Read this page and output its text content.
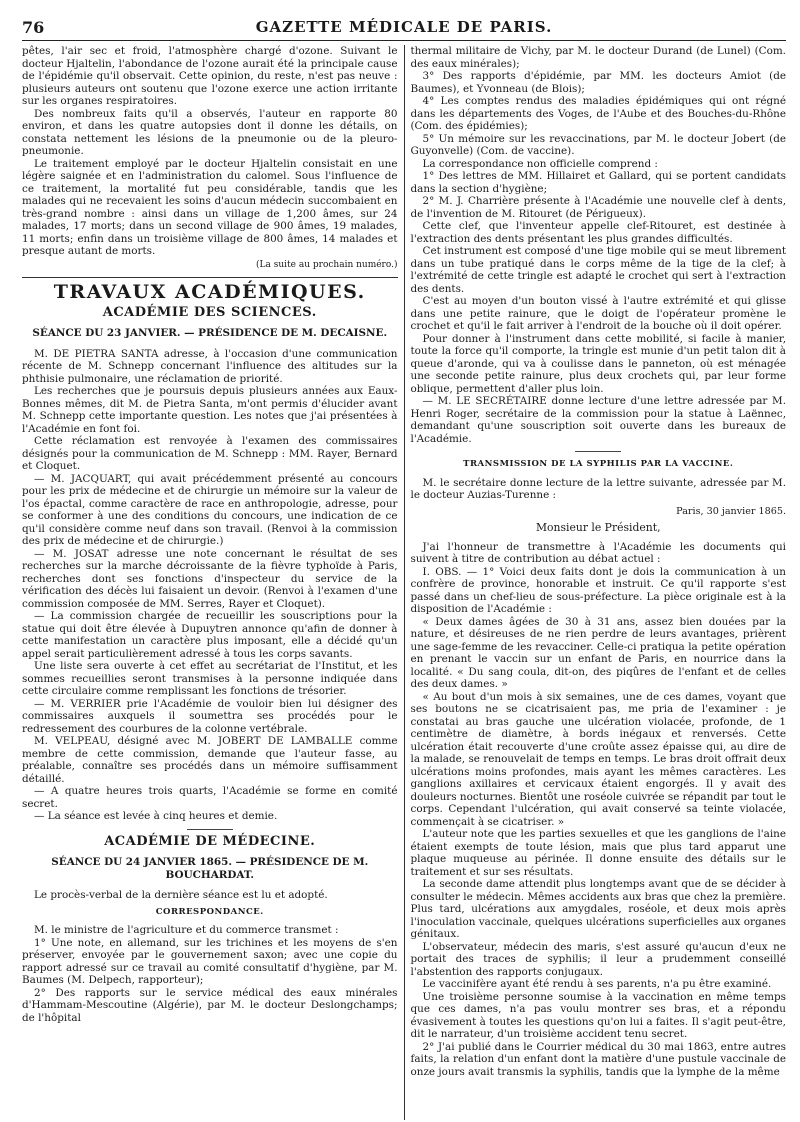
76	GAZETTE MÉDICALE DE PARIS.

pêtes, l'air sec et froid, l'atmosphère chargé d'ozone. Suivant le docteur Hjaltelin, l'abondance de l'ozone aurait été la principale cause de l'épidémie qu'il observait. Cette opinion, du reste, n'est pas neuve : plusieurs auteurs ont soutenu que l'ozone exerce une action irritante sur les organes respiratoires.

Des nombreux faits qu'il a observés, l'auteur en rapporte 80 environ, et dans les quatre autopsies dont il donne les détails, on constata nettement les lésions de la pneumonie ou de la pleuro-pneumonie.

Le traitement employé par le docteur Hjaltelin consistait en une légère saignée et en l'administration du calomel. Sous l'influence de ce traitement, la mortalité fut peu considérable, tandis que les malades qui ne recevaient les soins d'aucun médecin succombaient en très-grand nombre : ainsi dans un village de 1,200 âmes, sur 24 malades, 17 morts; dans un second village de 900 âmes, 19 malades, 11 morts; enfin dans un troisième village de 800 âmes, 14 malades et presque autant de morts.

(La suite au prochain numéro.)
TRAVAUX ACADÉMIQUES.
ACADÉMIE DES SCIENCES.
SÉANCE DU 23 JANVIER. — PRÉSIDENCE DE M. DECAISNE.

M. DE PIETRA SANTA adresse, à l'occasion d'une communication récente de M. Schnepp concernant l'influence des altitudes sur la phthisie pulmonaire, une réclamation de priorité.

Les recherches que je poursuis depuis plusieurs années aux Eaux-Bonnes mêmes, dit M. de Pietra Santa, m'ont permis d'élucider avant M. Schnepp cette importante question. Les notes que j'ai présentées à l'Académie en font foi.

Cette réclamation est renvoyée à l'examen des commissaires désignés pour la communication de M. Schnepp : MM. Rayer, Bernard et Cloquet.

— M. JACQUART, qui avait précédemment présenté au concours pour les prix de médecine et de chirurgie un mémoire sur la valeur de l'os épactal, comme caractère de race en anthropologie, adresse, pour se conformer à une des conditions du concours, une indication de ce qu'il considère comme neuf dans son travail. (Renvoi à la commission des prix de médecine et de chirurgie.)

— M. JOSAT adresse une note concernant le résultat de ses recherches sur la marche décroissante de la fièvre typhoïde à Paris, recherches dont ses fonctions d'inspecteur du service de la vérification des décès lui faisaient un devoir. (Renvoi à l'examen d'une commission composée de MM. Serres, Rayer et Cloquet).

— La commission chargée de recueillir les souscriptions pour la statue qui doit être élevée à Dupuytren annonce qu'afin de donner à cette manifestation un caractère plus imposant, elle a décidé qu'un appel serait particulièrement adressé à tous les corps savants.

Une liste sera ouverte à cet effet au secrétariat de l'Institut, et les sommes recueillies seront transmises à la personne indiquée dans cette circulaire comme remplissant les fonctions de trésorier.

— M. VERRIER prie l'Académie de vouloir bien lui désigner des commissaires auxquels il soumettra ses procédés pour le redressement des courbures de la colonne vertébrale.

M. VELPEAU, désigné avec M. JOBERT DE LAMBALLE comme membre de cette commission, demande que l'auteur fasse, au préalable, connaître ses procédés dans un mémoire suffisamment détaillé.

— A quatre heures trois quarts, l'Académie se forme en comité secret.

— La séance est levée à cinq heures et demie.

ACADÉMIE DE MÉDECINE.
SÉANCE DU 24 JANVIER 1865. — PRÉSIDENCE DE M. BOUCHARDAT.

Le procès-verbal de la dernière séance est lu et adopté.

CORRESPONDANCE.

M. le ministre de l'agriculture et du commerce transmet :

1° Une note, en allemand, sur les trichines et les moyens de s'en préserver, envoyée par le gouvernement saxon; avec une copie du rapport adressé sur ce travail au comité consultatif d'hygiène, par M. Baumes (M. Delpech, rapporteur);

2° Des rapports sur le service médical des eaux minérales d'Hammam-Mescoutine (Algérie), par M. le docteur Deslongchamps; de l'hôpital

thermal militaire de Vichy, par M. le docteur Durand (de Lunel) (Com. des eaux minérales);

3° Des rapports d'épidémie, par MM. les docteurs Amiot (de Baumes), et Yvonneau (de Blois);

4° Les comptes rendus des maladies épidémiques qui ont régné dans les départements des Voges, de l'Aube et des Bouches-du-Rhône (Com. des épidémies);

5° Un mémoire sur les revaccinations, par M. le docteur Jobert (de Guyonvelle) (Com. de vaccine).

La correspondance non officielle comprend :

1° Des lettres de MM. Hillairet et Gallard, qui se portent candidats dans la section d'hygiène;

2° M. J. Charrière présente à l'Académie une nouvelle clef à dents, de l'invention de M. Ritouret (de Périgueux).

Cette clef, que l'inventeur appelle clef-Ritouret, est destinée à l'extraction des dents présentant les plus grandes difficultés.

Cet instrument est composé d'une tige mobile qui se meut librement dans un tube pratiqué dans le corps même de la tige de la clef; à l'extrémité de cette tringle est adapté le crochet qui sert à l'extraction des dents.

C'est au moyen d'un bouton vissé à l'autre extrémité et qui glisse dans une petite rainure, que le doigt de l'opérateur promène le crochet et qu'il le fait arriver à l'endroit de la bouche où il doit opérer.

Pour donner à l'instrument dans cette mobilité, si facile à manier, toute la force qu'il comporte, la tringle est munie d'un petit talon dit à queue d'aronde, qui va à coulisse dans le panneton, où est ménagée une seconde petite rainure, plus deux crochets qui, par leur forme oblique, permettent d'aller plus loin.

— M. LE SECRÉTAIRE donne lecture d'une lettre adressée par M. Henri Roger, secrétaire de la commission pour la statue à Laënnec, demandant qu'une souscription soit ouverte dans les bureaux de l'Académie.

TRANSMISSION DE LA SYPHILIS PAR LA VACCINE.

M. le secrétaire donne lecture de la lettre suivante, adressée par M. le docteur Auzias-Turenne :

Paris, 30 janvier 1865.
Monsieur le Président,

J'ai l'honneur de transmettre à l'Académie les documents qui suivent à titre de contribution au débat actuel :

I. OBS. — 1° Voici deux faits dont je dois la communication à un confrère de province, honorable et instruit. Ce qu'il rapporte s'est passé dans un chef-lieu de sous-préfecture. La pièce originale est à la disposition de l'Académie :

« Deux dames âgées de 30 à 31 ans, assez bien douées par la nature, et désireuses de ne rien perdre de leurs avantages, prièrent une sage-femme de les revacciner. Celle-ci pratiqua la petite opération en prenant le vaccin sur un enfant de Paris, en nourrice dans la localité. « Du sang coula, dit-on, des piqûres de l'enfant et de celles des deux dames. »

« Au bout d'un mois à six semaines, une de ces dames, voyant que ses boutons ne se cicatrisaient pas, me pria de l'examiner : je constatai au bras gauche une ulcération violacée, profonde, de 1 centimètre de diamètre, à bords inégaux et renversés. Cette ulcération était recouverte d'une croûte assez épaisse qui, au dire de la malade, se renouvelait de temps en temps. Le bras droit offrait deux ulcérations moins profondes, mais ayant les mêmes caractères. Les ganglions axillaires et cervicaux étaient engorgés. Il y avait des douleurs nocturnes. Bientôt une roséole cuivrée se répandit par tout le corps. Cependant l'ulcération, qui avait conservé sa teinte violacée, commençait à se cicatriser. »

L'auteur note que les parties sexuelles et que les ganglions de l'aine étaient exempts de toute lésion, mais que plus tard apparut une plaque muqueuse au périnée. Il donne ensuite des détails sur le traitement et sur ses résultats.

La seconde dame attendit plus longtemps avant que de se décider à consulter le médecin. Mêmes accidents aux bras que chez la première. Plus tard, ulcérations aux amygdales, roséole, et deux mois après l'inoculation vaccinale, quelques ulcérations superficielles aux organes génitaux.

L'observateur, médecin des maris, s'est assuré qu'aucun d'eux ne portait des traces de syphilis; il leur a prudemment conseillé l'abstention des rapports conjugaux.

Le vaccinifère ayant été rendu à ses parents, n'a pu être examiné.

Une troisième personne soumise à la vaccination en même temps que ces dames, n'a pas voulu montrer ses bras, et a répondu évasivement à toutes les questions qu'on lui a faites. Il s'agit peut-être, dit le narrateur, d'un troisième accident tenu secret.

2° J'ai publié dans le Courrier médical du 30 mai 1863, entre autres faits, la relation d'un enfant dont la matière d'une pustule vaccinale de onze jours avait transmis la syphilis, tandis que la lymphe de la même
